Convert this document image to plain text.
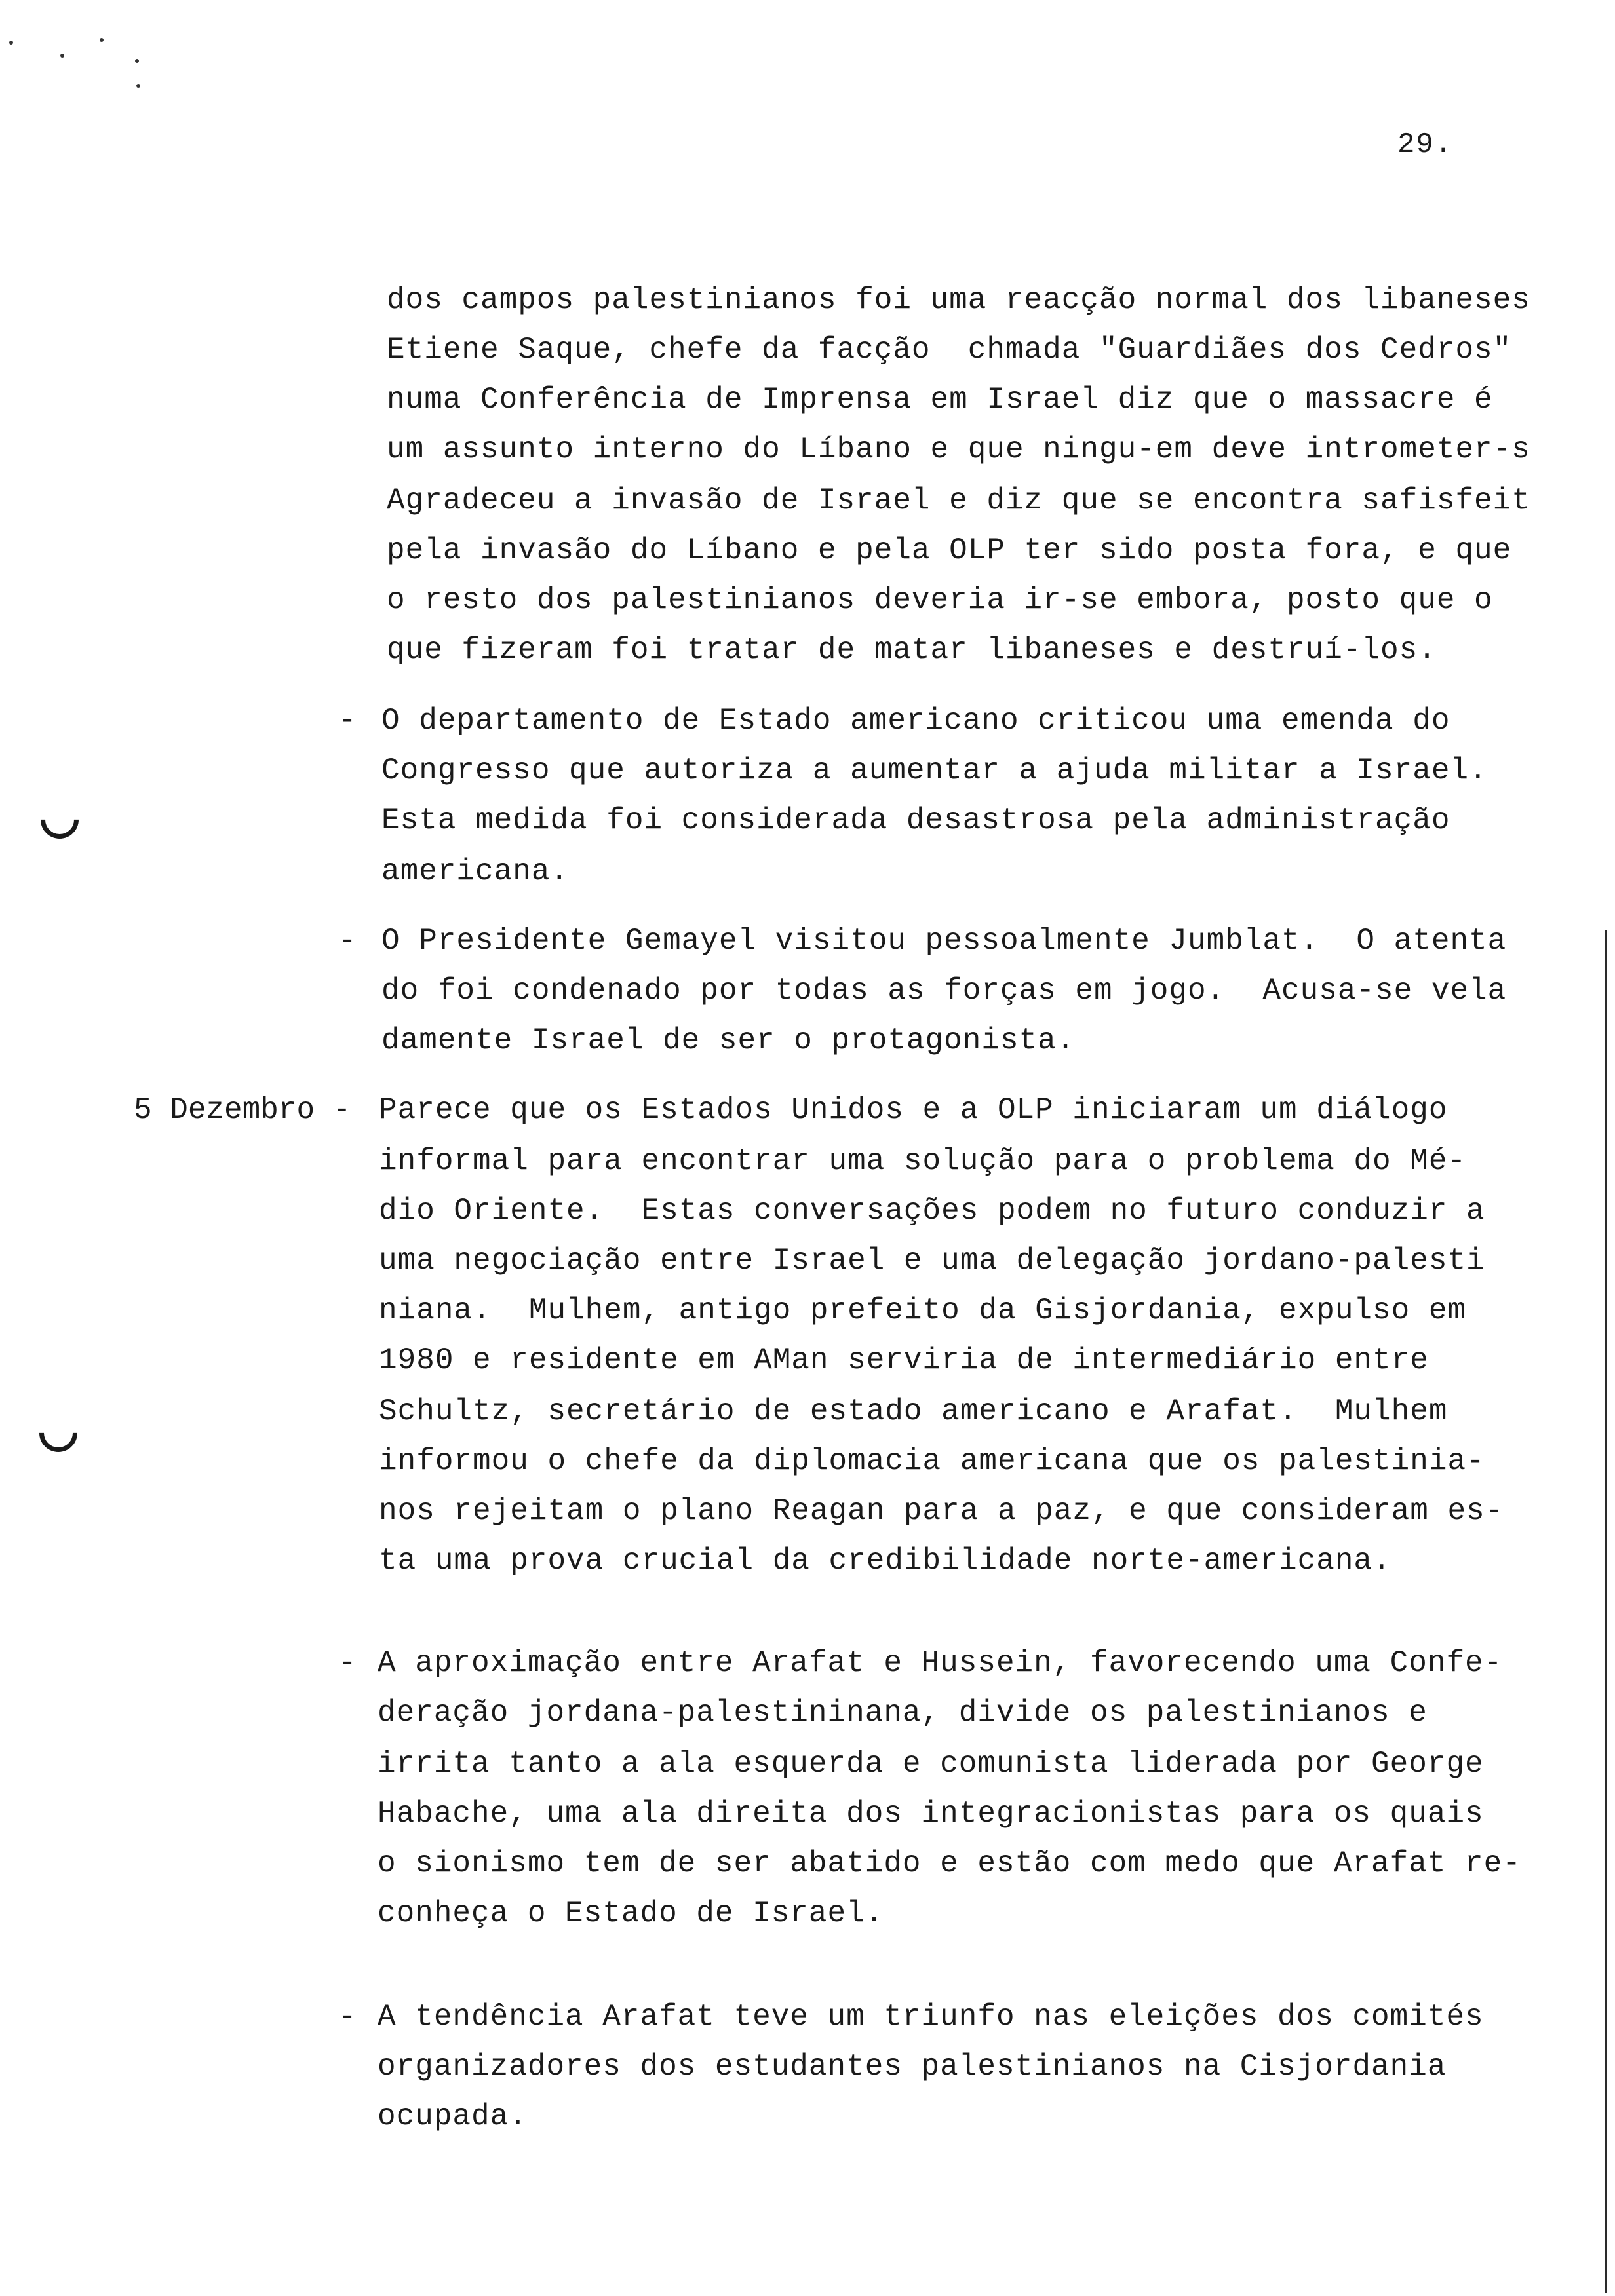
29.
dos campos palestinianos foi uma reacção normal dos libaneses
Etiene Saque, chefe da facção  chmada "Guardiães dos Cedros"
numa Conferência de Imprensa em Israel diz que o massacre é
um assunto interno do Líbano e que ningu-em deve intrometer-s
Agradeceu a invasão de Israel e diz que se encontra safisfeit
pela invasão do Líbano e pela OLP ter sido posta fora, e que
o resto dos palestinianos deveria ir-se embora, posto que o
que fizeram foi tratar de matar libaneses e destruí-los.
- O departamento de Estado americano criticou uma emenda do
Congresso que autoriza a aumentar a ajuda militar a Israel.
Esta medida foi considerada desastrosa pela administração
americana.
- O Presidente Gemayel visitou pessoalmente Jumblat.  O atenta
do foi condenado por todas as forças em jogo.  Acusa-se vela
damente Israel de ser o protagonista.
5 Dezembro - Parece que os Estados Unidos e a OLP iniciaram um diálogo
informal para encontrar uma solução para o problema do Mé-
dio Oriente.  Estas conversações podem no futuro conduzir a
uma negociação entre Israel e uma delegação jordano-palesti
niana.  Mulhem, antigo prefeito da Gisjordania, expulso em
1980 e residente em AMan serviria de intermediário entre
Schultz, secretário de estado americano e Arafat.  Mulhem
informou o chefe da diplomacia americana que os palestinia-
nos rejeitam o plano Reagan para a paz, e que consideram es-
ta uma prova crucial da credibilidade norte-americana.
- A aproximação entre Arafat e Hussein, favorecendo uma Confe-
deração jordana-palestininana, divide os palestinianos e
irrita tanto a ala esquerda e comunista liderada por George
Habache, uma ala direita dos integracionistas para os quais
o sionismo tem de ser abatido e estão com medo que Arafat re-
conheça o Estado de Israel.
- A tendência Arafat teve um triunfo nas eleições dos comités
organizadores dos estudantes palestinianos na Cisjordania
ocupada.
